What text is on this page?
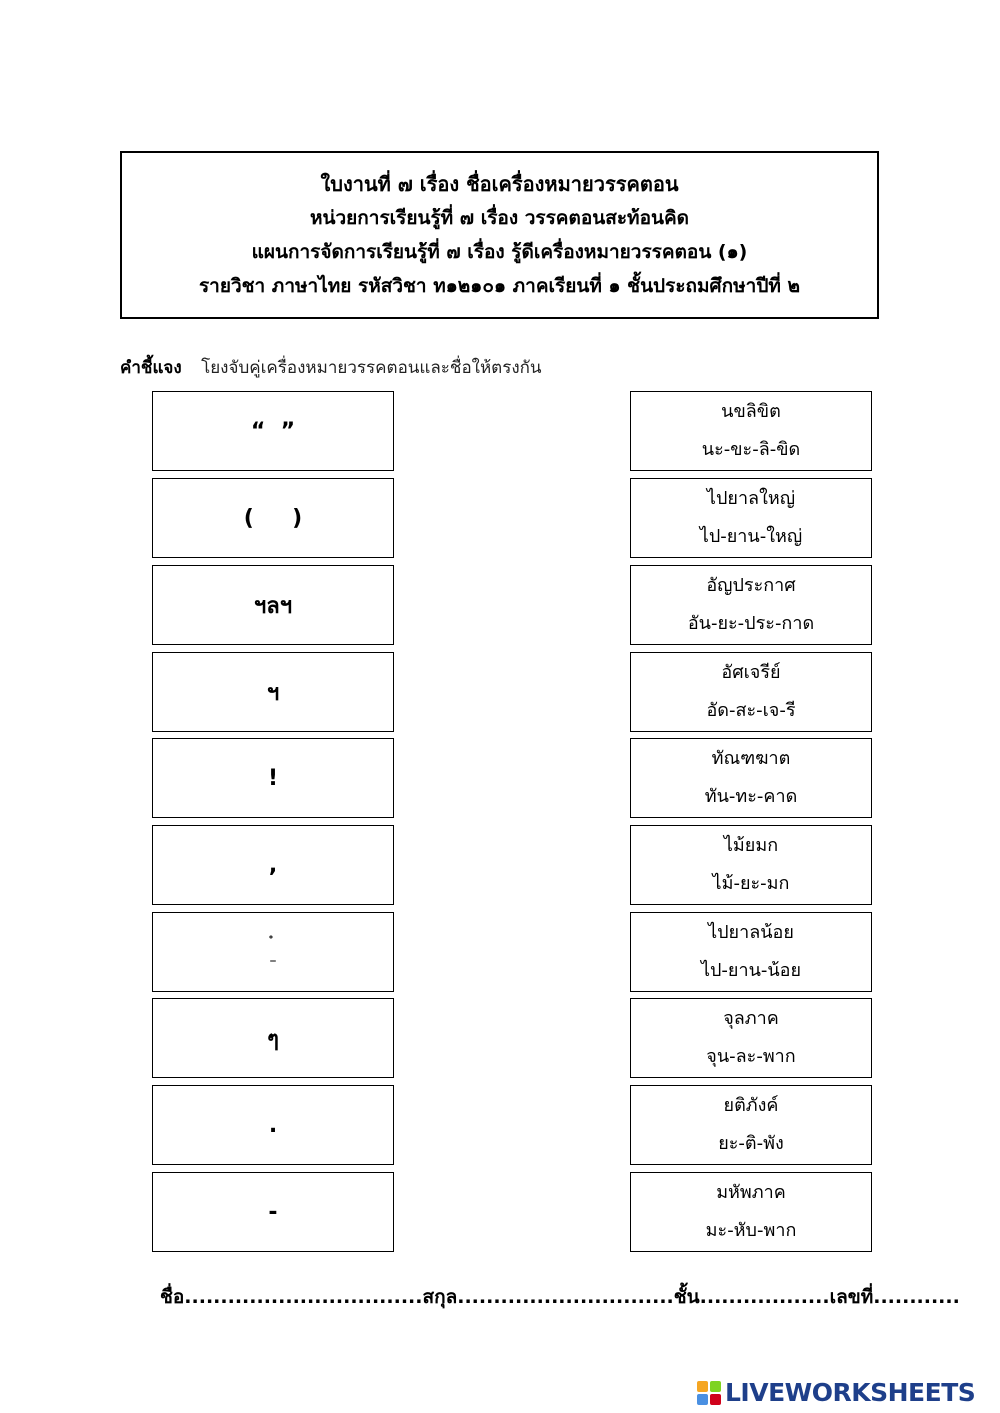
ใบงานที่ ๗ เรื่อง ชื่อเครื่องหมายวรรคตอน
หน่วยการเรียนรู้ที่ ๗ เรื่อง วรรคตอนสะท้อนคิด
แผนการจัดการเรียนรู้ที่ ๗ เรื่อง รู้ดีเครื่องหมายวรรคตอน (๑)
รายวิชา ภาษาไทย รหัสวิชา ท๑๒๑๐๑ ภาคเรียนที่ ๑ ชั้นประถมศึกษาปีที่ ๒
คำชี้แจง โยงจับคู่เครื่องหมายวรรคตอนและชื่อให้ตรงกัน
“  ”
(     )
ฯลฯ
ฯ
!
,

–
ๆ
.
-
นขลิขิต
นะ-ขะ-ลิ-ขิด
ไปยาลใหญ่
ไป-ยาน-ใหญ่
อัญประกาศ
อัน-ยะ-ประ-กาด
อัศเจรีย์
อัด-สะ-เจ-รี
ทัณฑฆาต
ทัน-ทะ-คาด
ไม้ยมก
ไม้-ยะ-มก
ไปยาลน้อย
ไป-ยาน-น้อย
จุลภาค
จุน-ละ-พาก
ยติภังค์
ยะ-ติ-พัง
มหัพภาค
มะ-หับ-พาก
ชื่อ.................................สกุล..............................ชั้น..................เลขที่............
LIVEWORKSHEETS
